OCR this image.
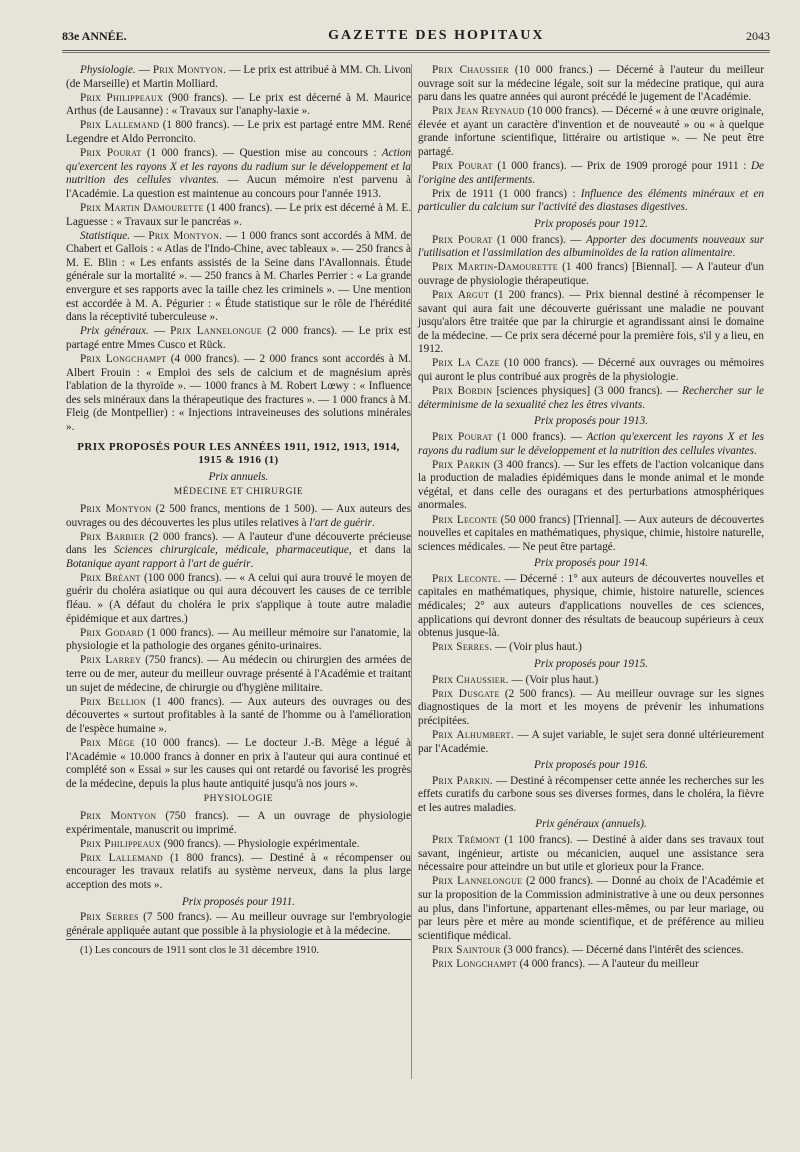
83e ANNÉE.	GAZETTE DES HOPITAUX	2043

Physiologie. — Prix Montyon. — Le prix est attribué à MM. Ch. Livon (de Marseille) et Martin Molliard.

Prix Philippeaux (900 francs). — Le prix est décerné à M. Maurice Arthus (de Lausanne) : « Travaux sur l'anaphy-laxie ».

Prix Lallemand (1 800 francs). — Le prix est partagé entre MM. René Legendre et Aldo Perroncito.

Prix Pourat (1 000 francs). — Question mise au concours : Action qu'exercent les rayons X et les rayons du radium sur le développement et la nutrition des cellules vivantes. — Aucun mémoire n'est parvenu à l'Académie. La question est maintenue au concours pour l'année 1913.

Prix Martin Damourette (1 400 francs). — Le prix est décerné à M. E. Laguesse : « Travaux sur le pancréas ».

Statistique. — Prix Montyon. — 1 000 francs sont accordés à MM. de Chabert et Gallois : « Atlas de l'Indo-Chine, avec tableaux ». — 250 francs à M. E. Blin : « Les enfants assistés de la Seine dans l'Avallonnais. Étude générale sur la mortalité ». — 250 francs à M. Charles Perrier : « La grande envergure et ses rapports avec la taille chez les criminels ». — Une mention est accordée à M. A. Pégurier : « Étude statistique sur le rôle de l'hérédité dans la réceptivité tuberculeuse ».

Prix généraux. — Prix Lannelongue (2 000 francs). — Le prix est partagé entre Mmes Cusco et Rück.

Prix Longchampt (4 000 francs). — 2 000 francs sont accordés à M. Albert Frouin : « Emploi des sels de calcium et de magnésium après l'ablation de la thyroïde ». — 1000 francs à M. Robert Lœwy : « Influence des sels minéraux dans la thérapeutique des fractures ». — 1 000 francs à M. Fleig (de Montpellier) : « Injections intraveineuses des solutions minérales ».

PRIX PROPOSÉS POUR LES ANNÉES 1911, 1912, 1913, 1914, 1915 & 1916 (1)
Prix annuels.
MÉDECINE ET CHIRURGIE

Prix Montyon (2 500 francs, mentions de 1 500). — Aux auteurs des ouvrages ou des découvertes les plus utiles relatives à l'art de guérir.

Prix Barbier (2 000 francs). — A l'auteur d'une découverte précieuse dans les Sciences chirurgicale, médicale, pharmaceutique, et dans la Botanique ayant rapport à l'art de guérir.

Prix Bréant (100 000 francs). — « A celui qui aura trouvé le moyen de guérir du choléra asiatique ou qui aura découvert les causes de ce terrible fléau. » (A défaut du choléra le prix s'applique à toute autre maladie épidémique et aux dartres.)

Prix Godard (1 000 francs). — Au meilleur mémoire sur l'anatomie, la physiologie et la pathologie des organes génito-urinaires.

Prix Larrey (750 francs). — Au médecin ou chirurgien des armées de terre ou de mer, auteur du meilleur ouvrage présenté à l'Académie et traitant un sujet de médecine, de chirurgie ou d'hygiène militaire.

Prix Bellion (1 400 francs). — Aux auteurs des ouvrages ou des découvertes « surtout profitables à la santé de l'homme ou à l'amélioration de l'espèce humaine ».

Prix Mège (10 000 francs). — Le docteur J.-B. Mège a légué à l'Académie « 10.000 francs à donner en prix à l'auteur qui aura continué et complété son « Essai » sur les causes qui ont retardé ou favorisé les progrès de la médecine, depuis la plus haute antiquité jusqu'à nos jours ».

PHYSIOLOGIE

Prix Montyon (750 francs). — A un ouvrage de physiologie expérimentale, manuscrit ou imprimé.

Prix Philippeaux (900 francs). — Physiologie expérimentale.

Prix Lallemand (1 800 francs). — Destiné à « récompenser ou encourager les travaux relatifs au système nerveux, dans la plus large acception des mots ».

Prix proposés pour 1911.

Prix Serres (7 500 francs). — Au meilleur ouvrage sur l'embryologie générale appliquée autant que possible à la physiologie et à la médecine.

(1) Les concours de 1911 sont clos le 31 décembre 1910.

Prix Chaussier (10 000 francs.) — Décerné à l'auteur du meilleur ouvrage soit sur la médecine légale, soit sur la médecine pratique, qui aura paru dans les quatre années qui auront précédé le jugement de l'Académie.

Prix Jean Reynaud (10 000 francs). — Décerné « à une œuvre originale, élevée et ayant un caractère d'invention et de nouveauté » ou « à quelque grande infortune scientifique, littéraire ou artistique ». — Ne peut être partagé.

Prix Pourat (1 000 francs). — Prix de 1909 prorogé pour 1911 : De l'origine des antiferments.

Prix de 1911 (1 000 francs) : Influence des éléments minéraux et en particulier du calcium sur l'activité des diastases digestives.

Prix proposés pour 1912.

Prix Pourat (1 000 francs). — Apporter des documents nouveaux sur l'utilisation et l'assimilation des albuminoïdes de la ration alimentaire.

Prix Martin-Damourette (1 400 francs) [Biennal]. — A l'auteur d'un ouvrage de physiologie thérapeutique.

Prix Argut (1 200 francs). — Prix biennal destiné à récompenser le savant qui aura fait une découverte guérissant une maladie ne pouvant jusqu'alors être traitée que par la chirurgie et agrandissant ainsi le domaine de la médecine. — Ce prix sera décerné pour la première fois, s'il y a lieu, en 1912.

Prix La Caze (10 000 francs). — Décerné aux ouvrages ou mémoires qui auront le plus contribué aux progrès de la physiologie.

Prix Bordin [sciences physiques] (3 000 francs). — Rechercher sur le déterminisme de la sexualité chez les êtres vivants.

Prix proposés pour 1913.

Prix Pourat (1 000 francs). — Action qu'exercent les rayons X et les rayons du radium sur le développement et la nutrition des cellules vivantes.

Prix Parkin (3 400 francs). — Sur les effets de l'action volcanique dans la production de maladies épidémiques dans le monde animal et le monde végétal, et dans celle des ouragans et des perturbations atmosphériques anormales.

Prix Leconte (50 000 francs) [Triennal]. — Aux auteurs de découvertes nouvelles et capitales en mathématiques, physique, chimie, histoire naturelle, sciences médicales. — Ne peut être partagé.

Prix proposés pour 1914.

Prix Leconte. — Décerné : 1° aux auteurs de découvertes nouvelles et capitales en mathématiques, physique, chimie, histoire naturelle, sciences médicales; 2° aux auteurs d'applications nouvelles de ces sciences, applications qui devront donner des résultats de beaucoup supérieurs à ceux obtenus jusque-là.

Prix Serres. — (Voir plus haut.)

Prix proposés pour 1915.

Prix Chaussier. — (Voir plus haut.)

Prix Dusgate (2 500 francs). — Au meilleur ouvrage sur les signes diagnostiques de la mort et les moyens de prévenir les inhumations précipitées.

Prix Alhumbert. — A sujet variable, le sujet sera donné ultérieurement par l'Académie.

Prix proposés pour 1916.

Prix Parkin. — Destiné à récompenser cette année les recherches sur les effets curatifs du carbone sous ses diverses formes, dans le choléra, la fièvre et les autres maladies.

Prix généraux (annuels).

Prix Trémont (1 100 francs). — Destiné à aider dans ses travaux tout savant, ingénieur, artiste ou mécanicien, auquel une assistance sera nécessaire pour atteindre un but utile et glorieux pour la France.

Prix Lannelongue (2 000 francs). — Donné au choix de l'Académie et sur la proposition de la Commission administrative à une ou deux personnes au plus, dans l'infortune, appartenant elles-mêmes, ou par leur mariage, ou par leurs père et mère au monde scientifique, et de préférence au milieu scientifique médical.

Prix Saintour (3 000 francs). — Décerné dans l'intérêt des sciences.

Prix Longchampt (4 000 francs). — A l'auteur du meilleur
